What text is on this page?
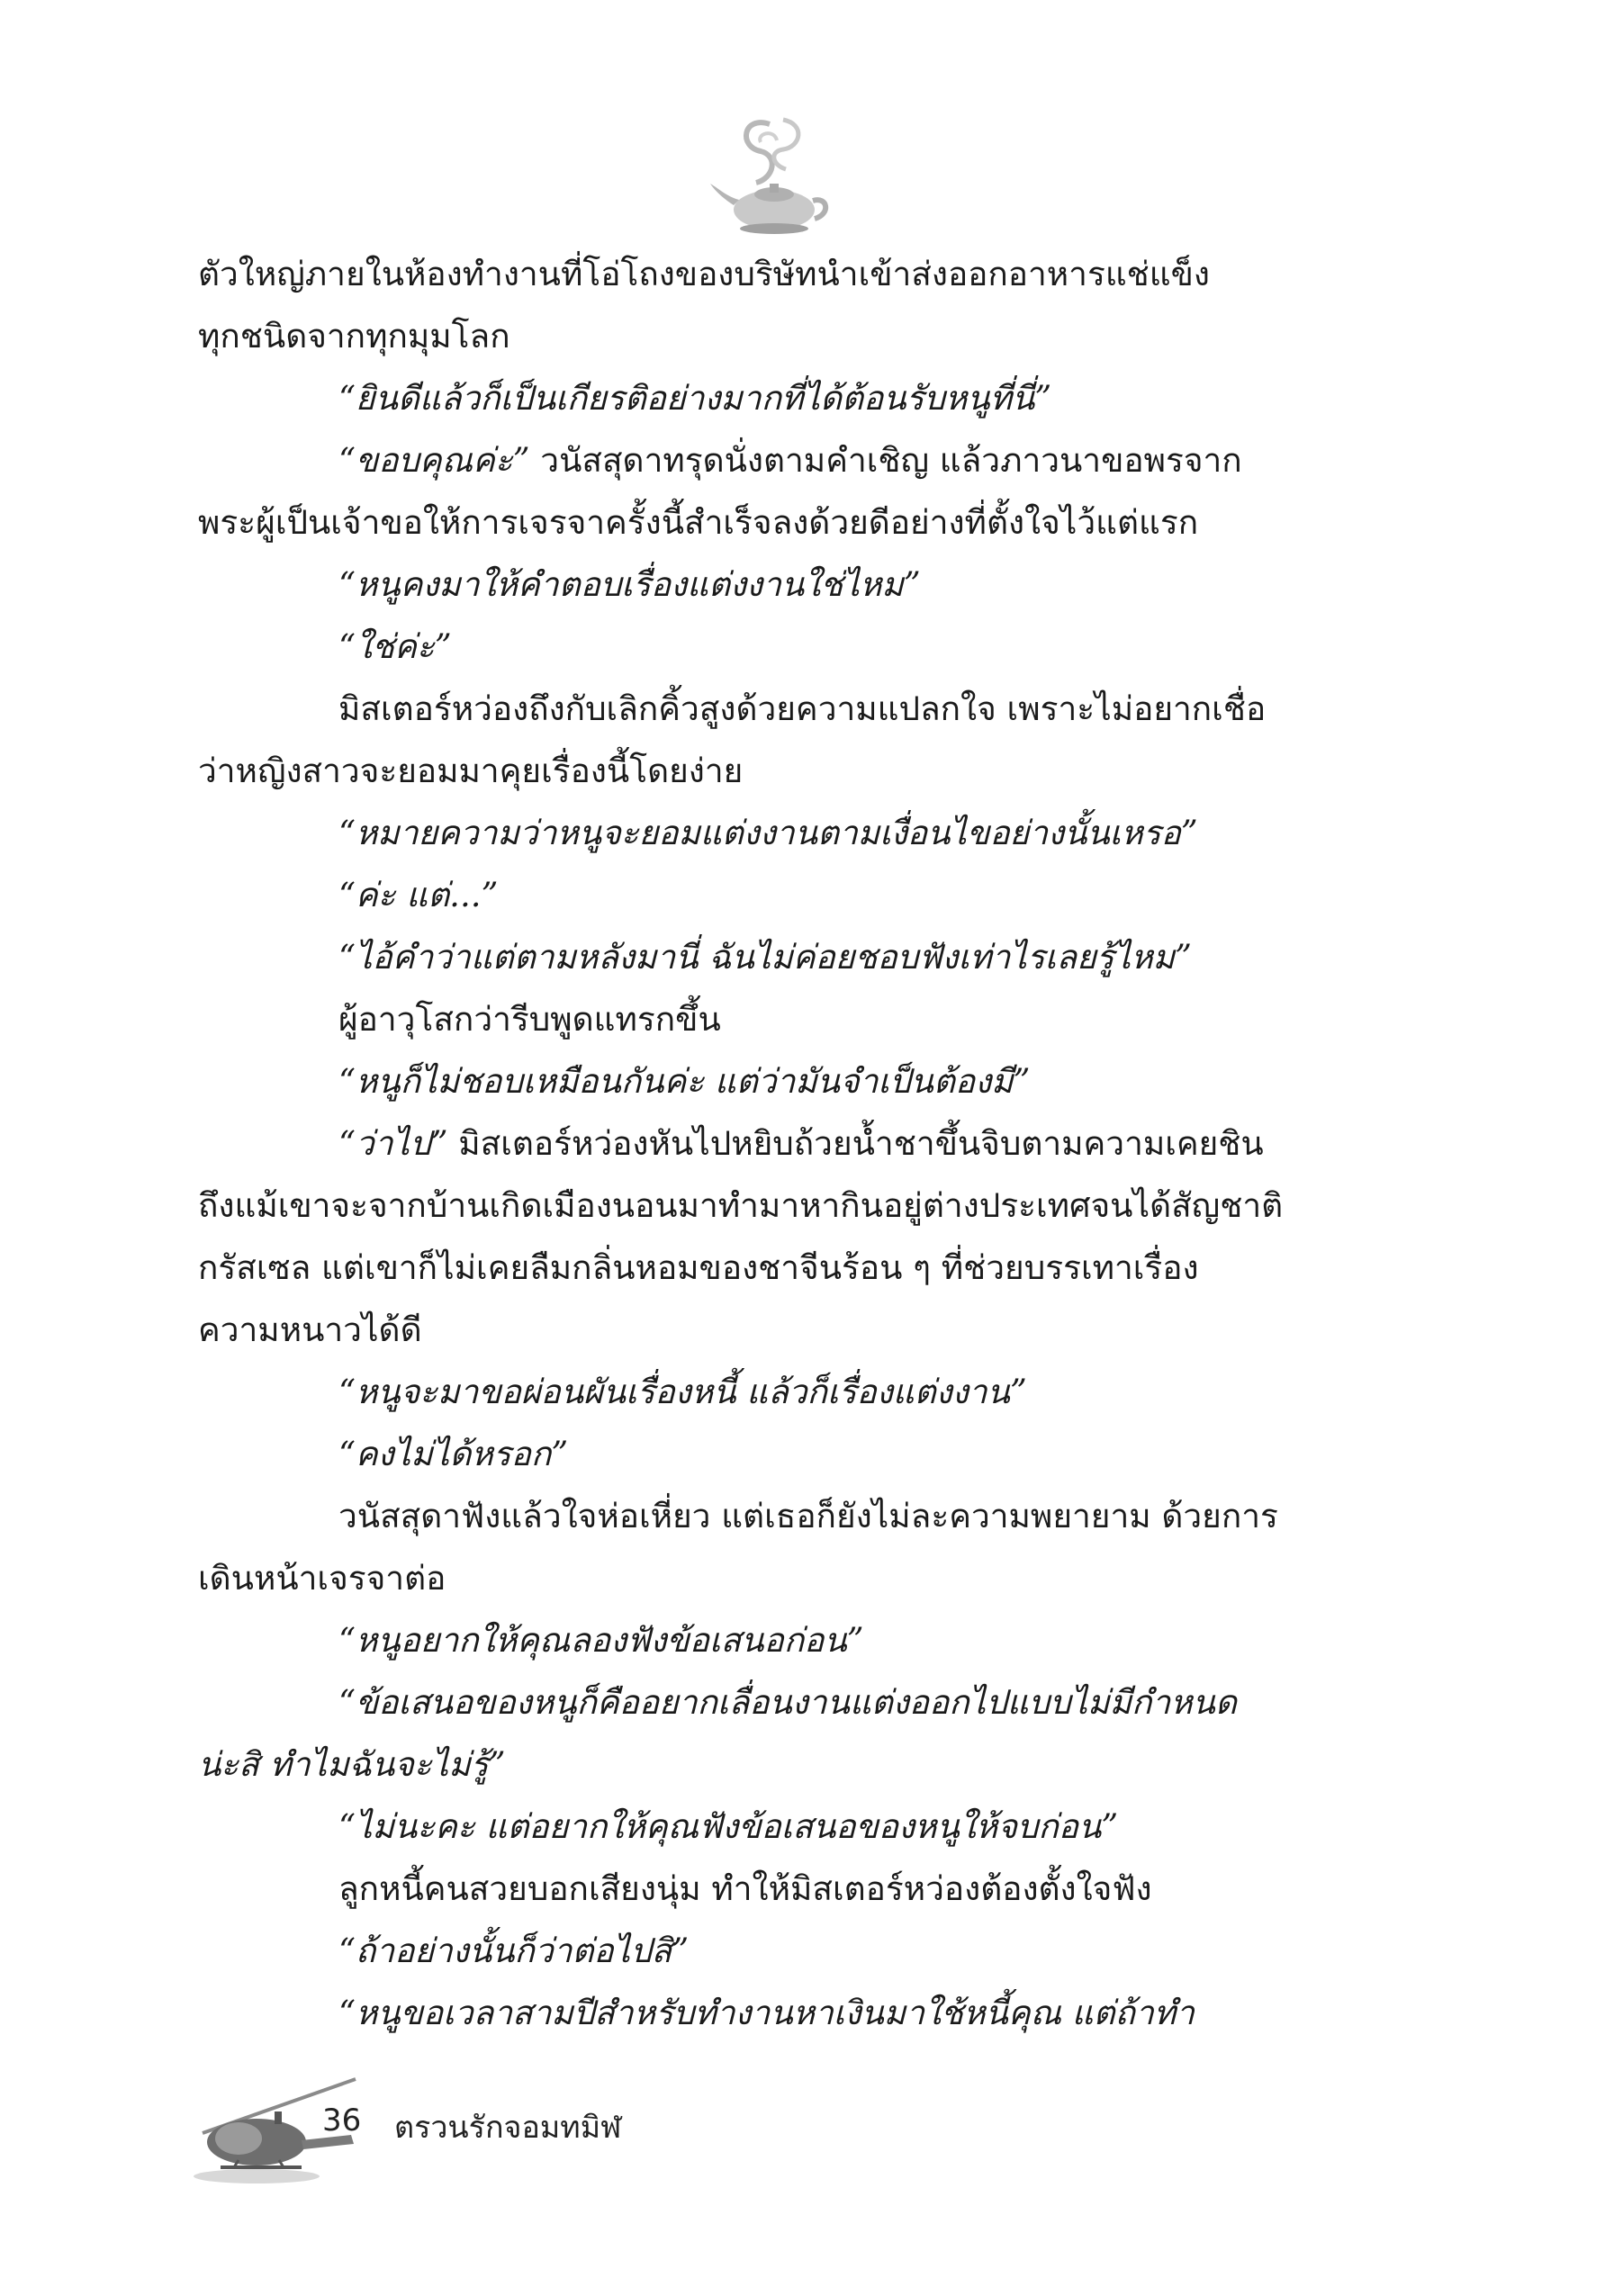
ตัวใหญ่ภายในห้องทำงานที่โอ่โถงของบริษัทนำเข้าส่งออกอาหารแช่แข็ง
ทุกชนิดจากทุกมุมโลก
“ยินดีแล้วก็เป็นเกียรติอย่างมากที่ได้ต้อนรับหนูที่นี่”
“ขอบคุณค่ะ” วนัสสุดาทรุดนั่งตามคำเชิญ แล้วภาวนาขอพรจาก
พระผู้เป็นเจ้าขอให้การเจรจาครั้งนี้สำเร็จลงด้วยดีอย่างที่ตั้งใจไว้แต่แรก
“หนูคงมาให้คำตอบเรื่องแต่งงานใช่ไหม”
“ใช่ค่ะ”
มิสเตอร์หว่องถึงกับเลิกคิ้วสูงด้วยความแปลกใจ เพราะไม่อยากเชื่อ
ว่าหญิงสาวจะยอมมาคุยเรื่องนี้โดยง่าย
“หมายความว่าหนูจะยอมแต่งงานตามเงื่อนไขอย่างนั้นเหรอ”
“ค่ะ แต่...”
“ไอ้คำว่าแต่ตามหลังมานี่ ฉันไม่ค่อยชอบฟังเท่าไรเลยรู้ไหม”
ผู้อาวุโสกว่ารีบพูดแทรกขึ้น
“หนูก็ไม่ชอบเหมือนกันค่ะ แต่ว่ามันจำเป็นต้องมี”
“ว่าไป” มิสเตอร์หว่องหันไปหยิบถ้วยน้ำชาขึ้นจิบตามความเคยชิน
ถึงแม้เขาจะจากบ้านเกิดเมืองนอนมาทำมาหากินอยู่ต่างประเทศจนได้สัญชาติ
กรัสเซล แต่เขาก็ไม่เคยลืมกลิ่นหอมของชาจีนร้อน ๆ ที่ช่วยบรรเทาเรื่อง
ความหนาวได้ดี
“หนูจะมาขอผ่อนผันเรื่องหนี้ แล้วก็เรื่องแต่งงาน”
“คงไม่ได้หรอก”
วนัสสุดาฟังแล้วใจห่อเหี่ยว แต่เธอก็ยังไม่ละความพยายาม ด้วยการ
เดินหน้าเจรจาต่อ
“หนูอยากให้คุณลองฟังข้อเสนอก่อน”
“ข้อเสนอของหนูก็คืออยากเลื่อนงานแต่งออกไปแบบไม่มีกำหนด
น่ะสิ ทำไมฉันจะไม่รู้”
“ไม่นะคะ แต่อยากให้คุณฟังข้อเสนอของหนูให้จบก่อน”
ลูกหนี้คนสวยบอกเสียงนุ่ม ทำให้มิสเตอร์หว่องต้องตั้งใจฟัง
“ถ้าอย่างนั้นก็ว่าต่อไปสิ”
“หนูขอเวลาสามปีสำหรับทำงานหาเงินมาใช้หนี้คุณ แต่ถ้าทำ
36 ตรวนรักจอมทมิฬ
